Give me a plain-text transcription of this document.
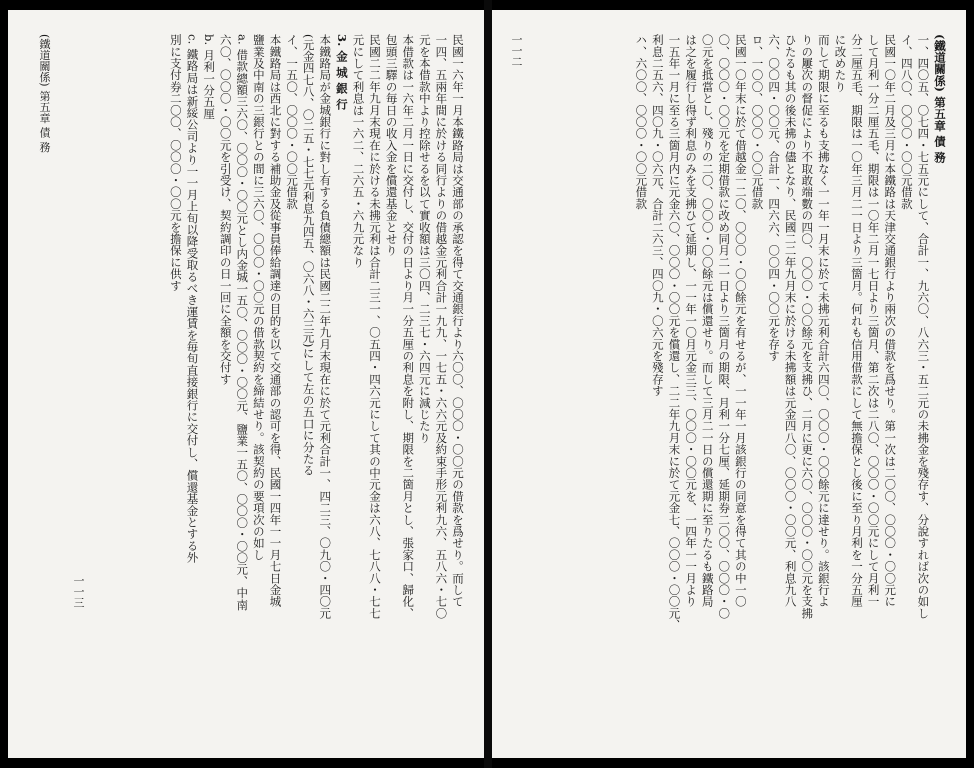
民國一六年一月本鐵路局は交通部の承認を得て交通銀行より六〇〇、〇〇〇・〇〇元の借款を爲せり。而して

一四、五兩年間に於ける同行よりの借越金元利合計一九九、一七五・六六元及約束手形元利九六、五八六・七〇

元を本借款中より控除せるを以て實收額は三〇四、二三七・六四元に減じたり

本借款は一六年二月一日に交付し、交付の日より月一分五厘の利息を附し、期限を二箇月とし、張家口、歸化、

包頭三驛の毎日の收入金を償還基金とせり

民國二二年九月末現在に於ける未拂元利は合計二三一、〇五四・四六元にして其の中元金は六八、七八八・七七

元にして利息は一六二、二六五・六九元なり

3. 金 城 銀 行

本鐵路局が金城銀行に對し有する負債總額は民國二二年九月末現在に於て元利合計一、四二三、〇九〇・四〇元

(元金四七八、〇二五・七七元利息九四五、〇六八・六三元)にして左の五口に分たる

イ、一五〇、〇〇〇・〇〇元借款

本鐵路局は西北に對する補助金及從事員俸給調達の目的を以て交通部の認可を得、民國一四年一一月七日金城

鹽業及中南の三銀行との間に三六〇、〇〇〇・〇〇元の借款契約を締結せり。該契約の要項次の如し

a. 借款總額三六〇、〇〇〇・〇〇元とし内金城一五〇、〇〇〇・〇〇元、鹽業一五〇、〇〇〇・〇〇元、中南

六〇、〇〇〇・〇〇元を引受け、契約調印の日一回に全額を交付す

b. 月利一分五厘

c. 鐵路局は新綏公司より一一月上旬以降受取るべき運賃を毎旬直接銀行に交付し、償還基金とする外

別に支付券二〇〇、〇〇〇・〇〇元を擔保に供す

一一三
(鐵道關係) 第五章 債 務	(鐵道關係) 第五章 債 務

一、四〇五、〇七四・七五元にして、合計一、九六〇、八六三・五二元の未拂金を殘存す、分說すれば次の如し

イ、四八〇、〇〇〇・〇〇元借款

民國一〇年二月及三月に本鐵路は天津交通銀行より兩次の借款を爲せり。第一次は二〇〇、〇〇〇・〇〇元に

して月利一分二厘五毛、期限は一〇年二月一七日より三箇月、第二次は二八〇、〇〇〇・〇〇元にして月利一

分二厘五毛、期限は一〇年三月二一日より三箇月。何れも信用借款にして無擔保とし後に至り月利を一分五厘

に改めたり

而して期限に至るも支拂なく一一年一月末に於て未拂元利合計六四〇、〇〇〇・〇〇餘元に達せり。該銀行よ

りの屢次の督促により不取敢端數の四〇、〇〇〇・〇〇餘元を支拂ひ、二月に更に六〇、〇〇〇・〇〇元を支拂

ひたるも其の後未拂の儘となり、民國二二年九月末に於ける未拂額は元金四八〇、〇〇〇・〇〇元、利息九八

六、〇〇四・〇〇元、合計一、四六六、〇〇四・〇〇元を存す

ロ、一〇〇、〇〇〇・〇〇元借款

民國一〇年末に於て借越金一二〇、〇〇〇・〇〇餘元を有せるが、一一年一月該銀行の同意を得て其の中一〇

〇、〇〇〇・〇〇元を定期借款に改め同月二一日より三箇月の期限、月利一分七厘、延期券二〇〇、〇〇〇・〇

〇元を抵當とし、殘りの二〇、〇〇〇・〇〇餘元は償還せり。而して三月二一日の償還期に至りたるも鐵路局

は之を履行し得ず利息のみを支拂ひて延期し、一一年一〇月元金三三、〇〇〇・〇〇元を、一四年一一月より

一五年一月に至る三箇月内に元金六〇、〇〇〇・〇〇元を償還し、二二年九月末に於て元金七、〇〇〇・〇〇元、

利息二五六、四〇九・〇六元、合計二六三、四〇九・〇六元を殘存す

ハ、六〇〇、〇〇〇・〇〇元借款

一一二
